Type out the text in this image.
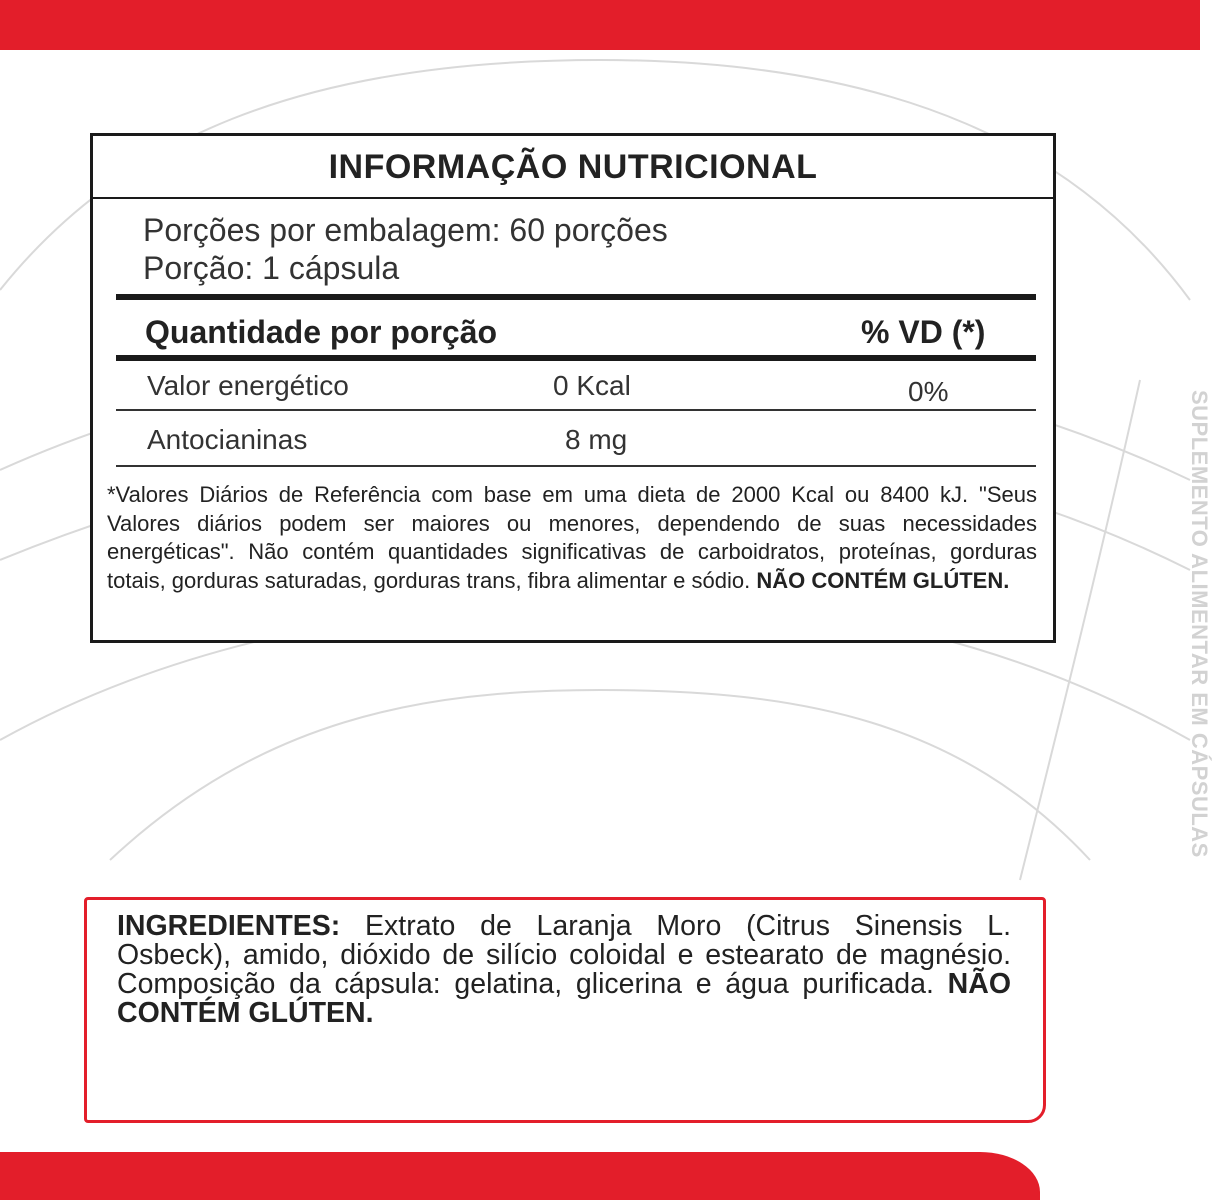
SUPLEMENTO ALIMENTAR EM CÁPSULAS
INFORMAÇÃO NUTRICIONAL
Porções por embalagem: 60 porções
Porção: 1 cápsula
Quantidade por porção	% VD (*)
Valor energético	0 Kcal	0%
Antocianinas	8 mg
*Valores Diários de Referência com base em uma dieta de 2000 Kcal ou 8400 kJ. "Seus Valores diários podem ser maiores ou menores, dependendo de suas necessidades energéticas". Não contém quantidades significativas de carboidratos, proteínas, gorduras totais, gorduras saturadas, gorduras trans, fibra alimentar e sódio. NÃO CONTÉM GLÚTEN.
INGREDIENTES: Extrato de Laranja Moro (Citrus Sinensis L. Osbeck), amido, dióxido de silício coloidal e estearato de magnésio. Composição da cápsula: gelatina, glicerina e água purificada. NÃO CONTÉM GLÚTEN.
